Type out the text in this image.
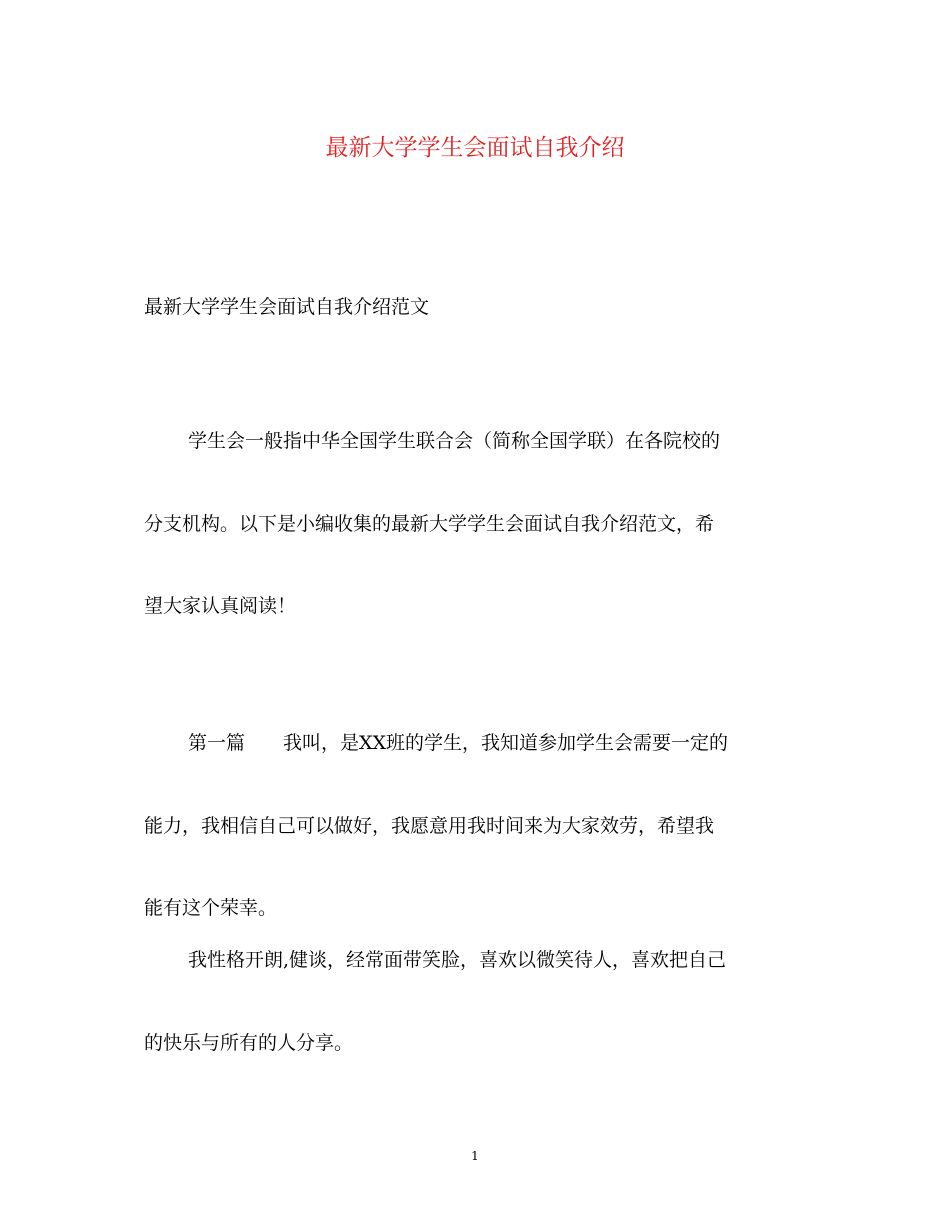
最新大学学生会面试自我介绍
最新大学学生会面试自我介绍范文
学生会一般指中华全国学生联合会（简称全国学联）在各院校的
分支机构。以下是小编收集的最新大学学生会面试自我介绍范文，希
望大家认真阅读！
第一篇　　我叫，是XX班的学生，我知道参加学生会需要一定的
能力，我相信自己可以做好，我愿意用我时间来为大家效劳，希望我
能有这个荣幸。
我性格开朗,健谈，经常面带笑脸，喜欢以微笑待人，喜欢把自己
的快乐与所有的人分享。
1
